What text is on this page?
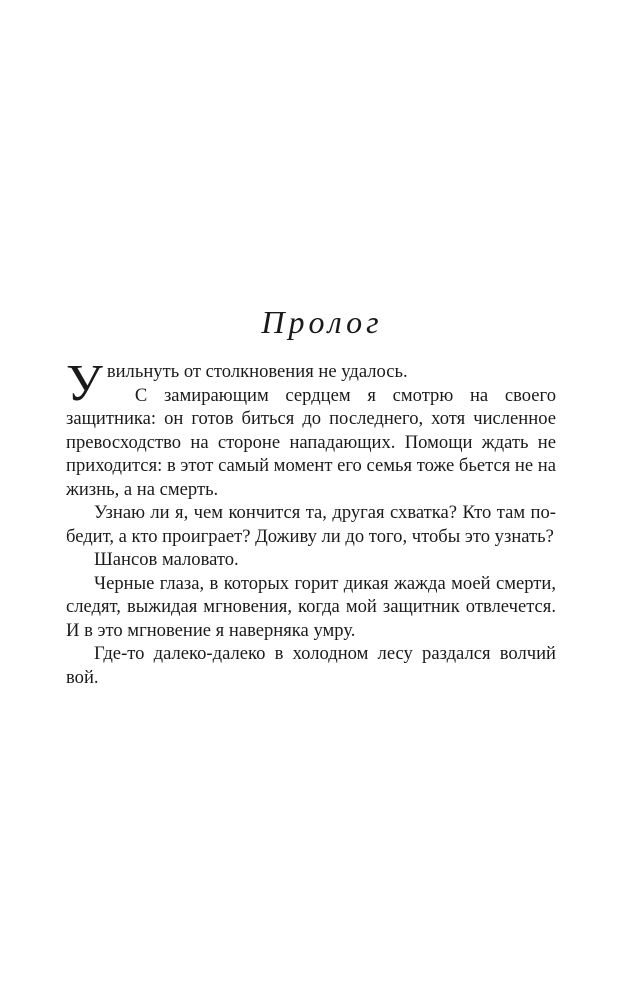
Пролог

Увильнуть от столкновения не удалось.

С замирающим сердцем я смотрю на своего защитника: он готов биться до последнего, хотя численное превосходство на стороне нападающих. Помощи ждать не приходится: в этот самый момент его семья тоже бьется не на жизнь, а на смерть.

Узнаю ли я, чем кончится та, другая схватка? Кто там победит, а кто проиграет? Доживу ли до того, чтобы это узнать?

Шансов маловато.

Черные глаза, в которых горит дикая жажда моей смерти, следят, выжидая мгновения, когда мой защитник отвлечется. И в это мгновение я наверняка умру.

Где-то далеко-далеко в холодном лесу раздался волчий вой.
